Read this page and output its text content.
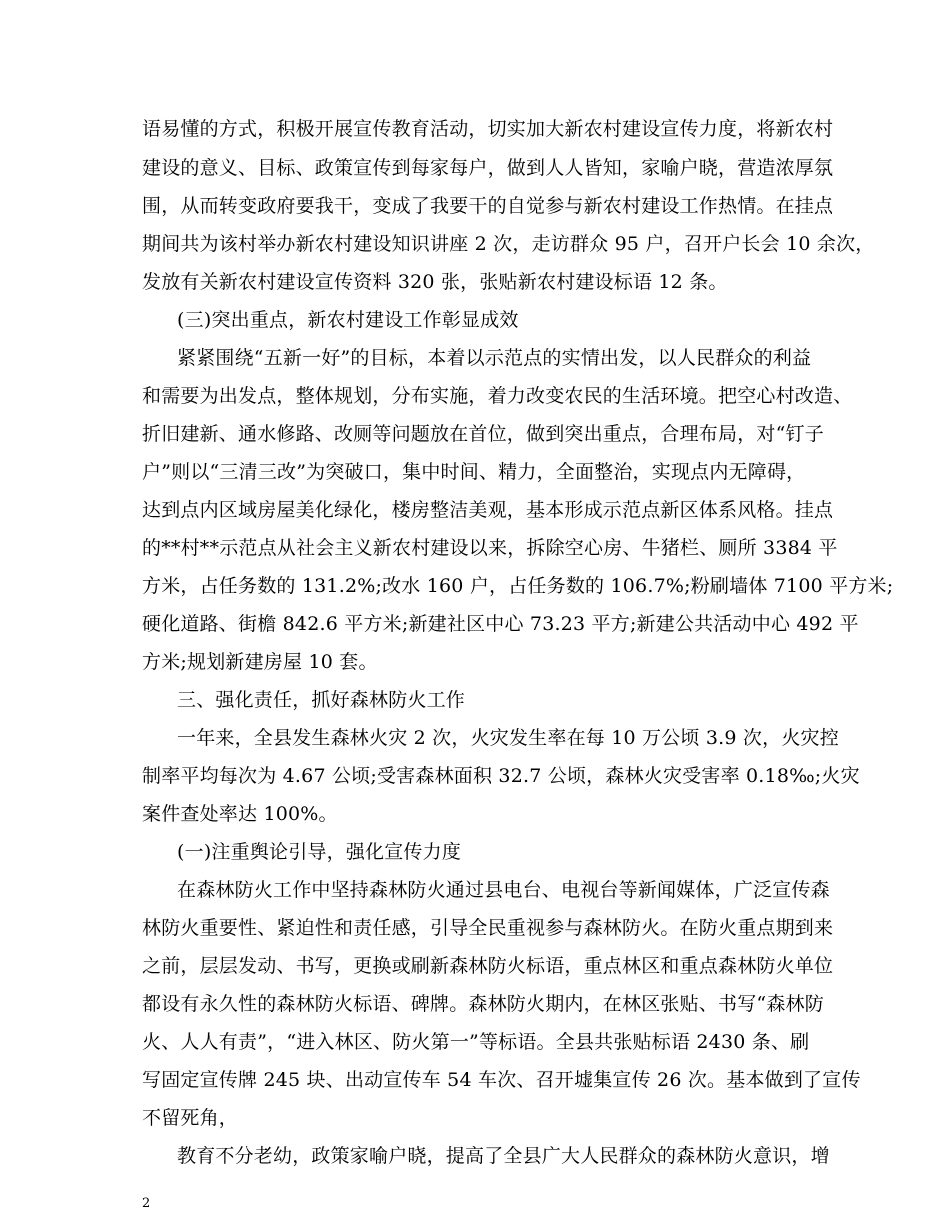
语易懂的方式，积极开展宣传教育活动，切实加大新农村建设宣传力度，将新农村
建设的意义、目标、政策宣传到每家每户，做到人人皆知，家喻户晓，营造浓厚氛
围，从而转变政府要我干，变成了我要干的自觉参与新农村建设工作热情。在挂点
期间共为该村举办新农村建设知识讲座 2 次，走访群众 95 户，召开户长会 10 余次，
发放有关新农村建设宣传资料 320 张，张贴新农村建设标语 12 条。
(三)突出重点，新农村建设工作彰显成效
紧紧围绕“五新一好”的目标，本着以示范点的实情出发，以人民群众的利益
和需要为出发点，整体规划，分布实施，着力改变农民的生活环境。把空心村改造、
折旧建新、通水修路、改厕等问题放在首位，做到突出重点，合理布局，对“钉子
户”则以“三清三改”为突破口，集中时间、精力，全面整治，实现点内无障碍，
达到点内区域房屋美化绿化，楼房整洁美观，基本形成示范点新区体系风格。挂点
的**村**示范点从社会主义新农村建设以来，拆除空心房、牛猪栏、厕所 3384 平
方米，占任务数的 131.2%;改水 160 户，占任务数的 106.7%;粉刷墙体 7100 平方米;
硬化道路、街檐 842.6 平方米;新建社区中心 73.23 平方;新建公共活动中心 492 平
方米;规划新建房屋 10 套。
三、强化责任，抓好森林防火工作
一年来，全县发生森林火灾 2 次，火灾发生率在每 10 万公顷 3.9 次，火灾控
制率平均每次为 4.67 公顷;受害森林面积 32.7 公顷，森林火灾受害率 0.18‰;火灾
案件查处率达 100%。
(一)注重舆论引导，强化宣传力度
在森林防火工作中坚持森林防火通过县电台、电视台等新闻媒体，广泛宣传森
林防火重要性、紧迫性和责任感，引导全民重视参与森林防火。在防火重点期到来
之前，层层发动、书写，更换或刷新森林防火标语，重点林区和重点森林防火单位
都设有永久性的森林防火标语、碑牌。森林防火期内，在林区张贴、书写“森林防
火、人人有责”，“进入林区、防火第一”等标语。全县共张贴标语 2430 条、刷
写固定宣传牌 245 块、出动宣传车 54 车次、召开墟集宣传 26 次。基本做到了宣传
不留死角，
教育不分老幼，政策家喻户晓，提高了全县广大人民群众的森林防火意识，增
2
